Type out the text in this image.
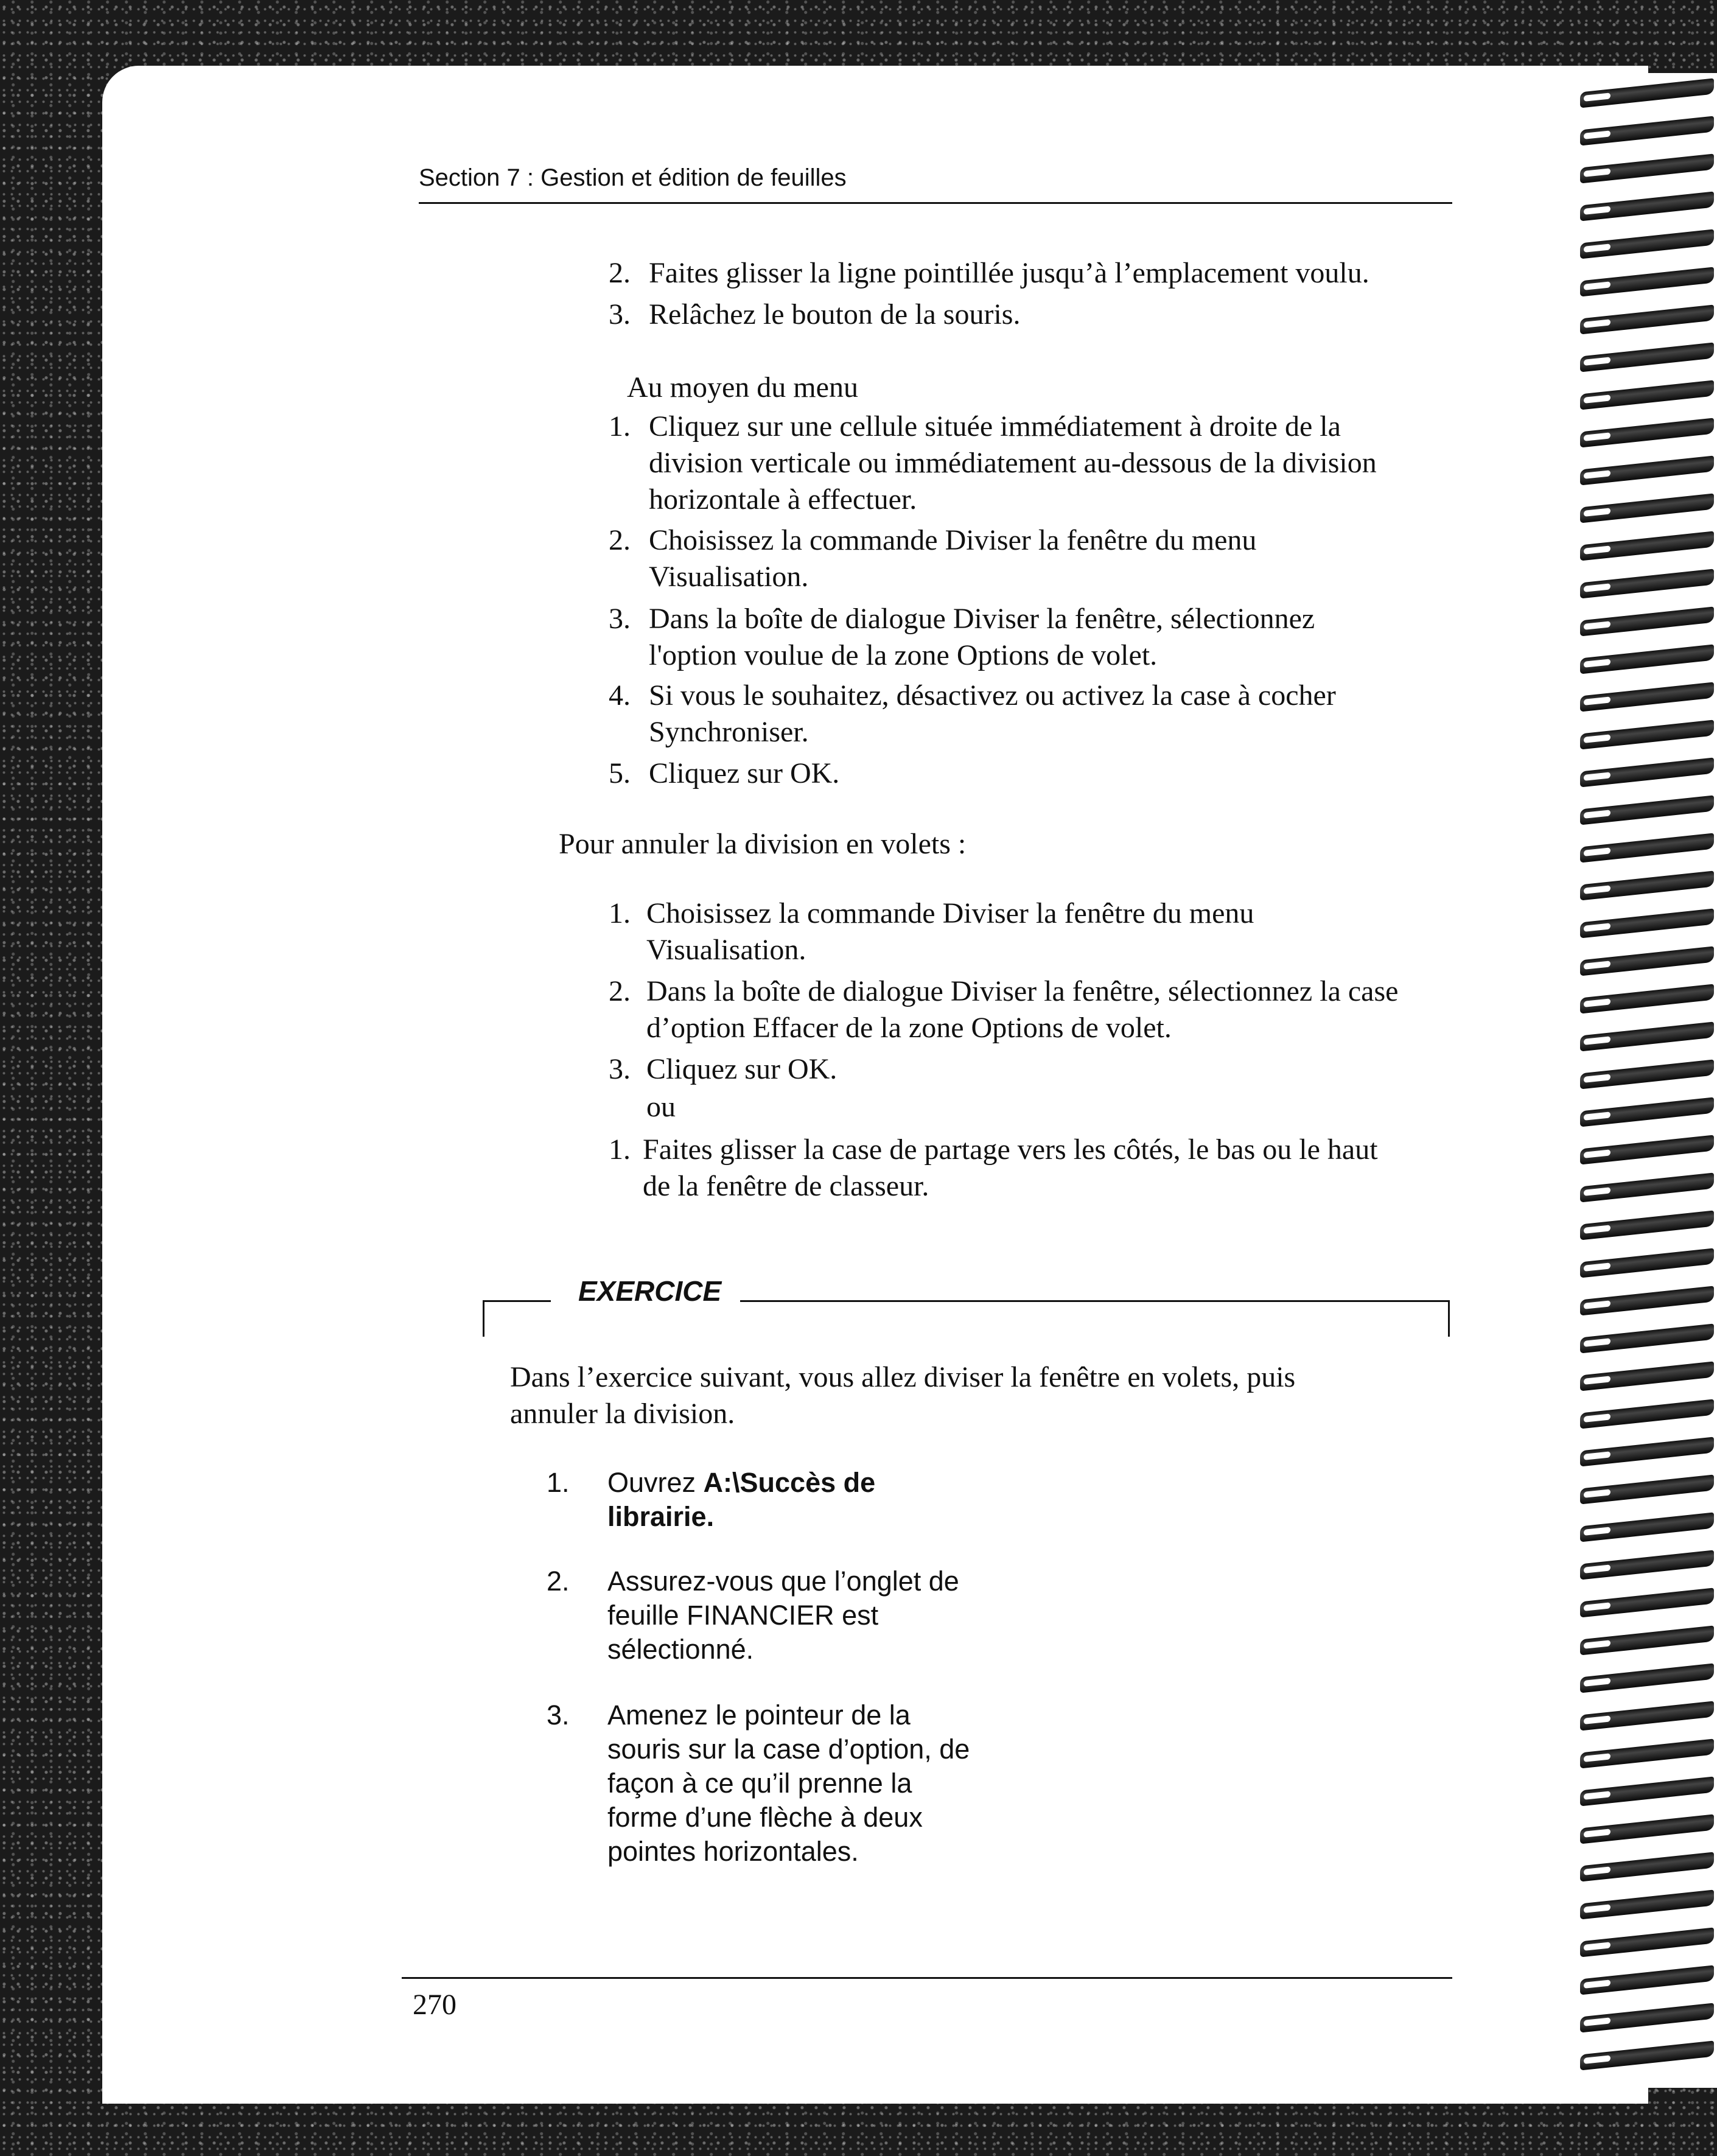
Section 7 : Gestion et édition de feuilles
2. Faites glisser la ligne pointillée jusqu’à l’emplacement voulu.
3. Relâchez le bouton de la souris.
Au moyen du menu
1. Cliquez sur une cellule située immédiatement à droite de la
division verticale ou immédiatement au-dessous de la division
horizontale à effectuer.
2. Choisissez la commande Diviser la fenêtre du menu
Visualisation.
3. Dans la boîte de dialogue Diviser la fenêtre, sélectionnez
l'option voulue de la zone Options de volet.
4. Si vous le souhaitez, désactivez ou activez la case à cocher
Synchroniser.
5. Cliquez sur OK.
Pour annuler la division en volets :
1. Choisissez la commande Diviser la fenêtre du menu
Visualisation.
2. Dans la boîte de dialogue Diviser la fenêtre, sélectionnez la case
d’option Effacer de la zone Options de volet.
3. Cliquez sur OK.
ou
1. Faites glisser la case de partage vers les côtés, le bas ou le haut
de la fenêtre de classeur.
EXERCICE
Dans l’exercice suivant, vous allez diviser la fenêtre en volets, puis
annuler la division.
1. Ouvrez A:\Succès de
librairie.
2. Assurez-vous que l’onglet de
feuille FINANCIER est
sélectionné.
3. Amenez le pointeur de la
souris sur la case d’option, de
façon à ce qu’il prenne la
forme d’une flèche à deux
pointes horizontales.
270
